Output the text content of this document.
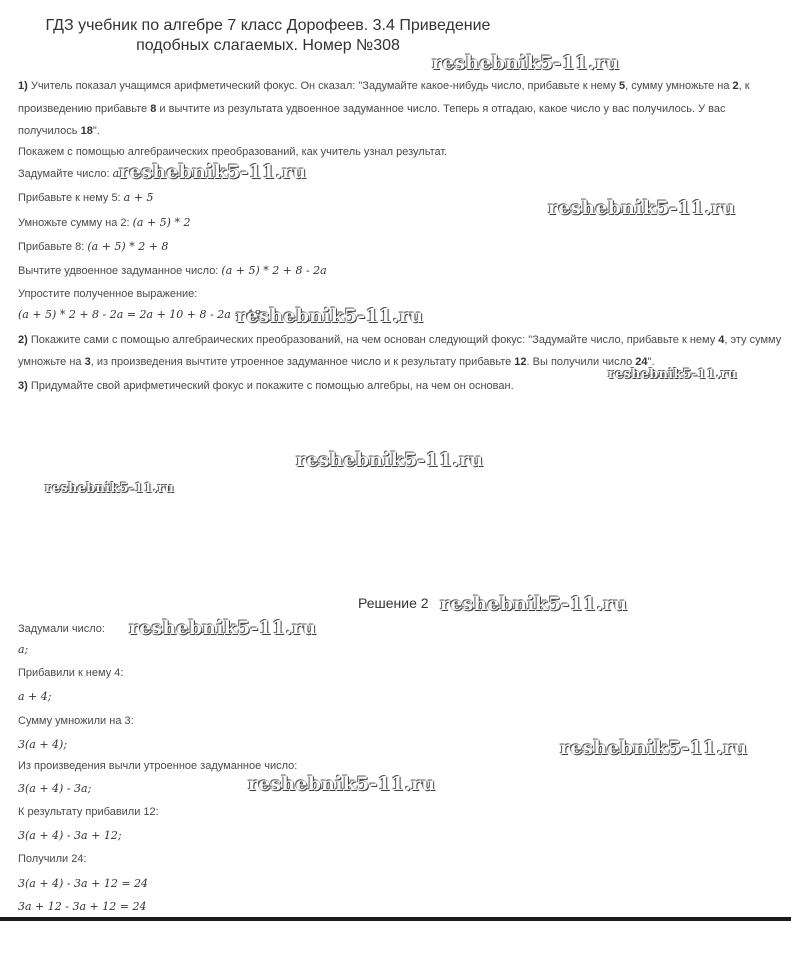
ГДЗ учебник по алгебре 7 класс Дорофеев. 3.4 Приведение
подобных слагаемых. Номер №308
1) Учитель показал учащимся арифметический фокус. Он сказал: "Задумайте какое-нибудь число, прибавьте к нему 5, сумму умножьте на 2, к
произведению прибавьте 8 и вычтите из результата удвоенное задуманное число. Теперь я отгадаю, какое число у вас получилось. У вас
получилось 18".
Покажем с помощью алгебраических преобразований, как учитель узнал результат.
Задумайте число: a
Прибавьте к нему 5: a + 5
Умножьте сумму на 2: (a + 5) * 2
Прибавьте 8: (a + 5) * 2 + 8
Вычтите удвоенное задуманное число: (a + 5) * 2 + 8 - 2a
Упростите полученное выражение:
(a + 5) * 2 + 8 - 2a = 2a + 10 + 8 - 2a = 18
2) Покажите сами с помощью алгебраических преобразований, на чем основан следующий фокус: "Задумайте число, прибавьте к нему 4, эту сумму
умножьте на 3, из произведения вычтите утроенное задуманное число и к результату прибавьте 12. Вы получили число 24".
3) Придумайте свой арифметический фокус и покажите с помощью алгебры, на чем он основан.
Решение 2
Задумали число:
a;
Прибавили к нему 4:
a + 4;
Сумму умножили на 3:
3(a + 4);
Из произведения вычли утроенное задуманное число:
3(a + 4) - 3a;
К результату прибавили 12:
3(a + 4) - 3a + 12;
Получили 24:
3(a + 4) - 3a + 12 = 24
3a + 12 - 3a + 12 = 24
reshebnik5-11.ru
reshebnik5-11.ru
reshebnik5-11.ru
reshebnik5-11.ru
reshebnik5-11.ru
reshebnik5-11.ru
reshebnik5-11.ru
reshebnik5-11.ru
reshebnik5-11.ru
reshebnik5-11.ru
reshebnik5-11.ru
